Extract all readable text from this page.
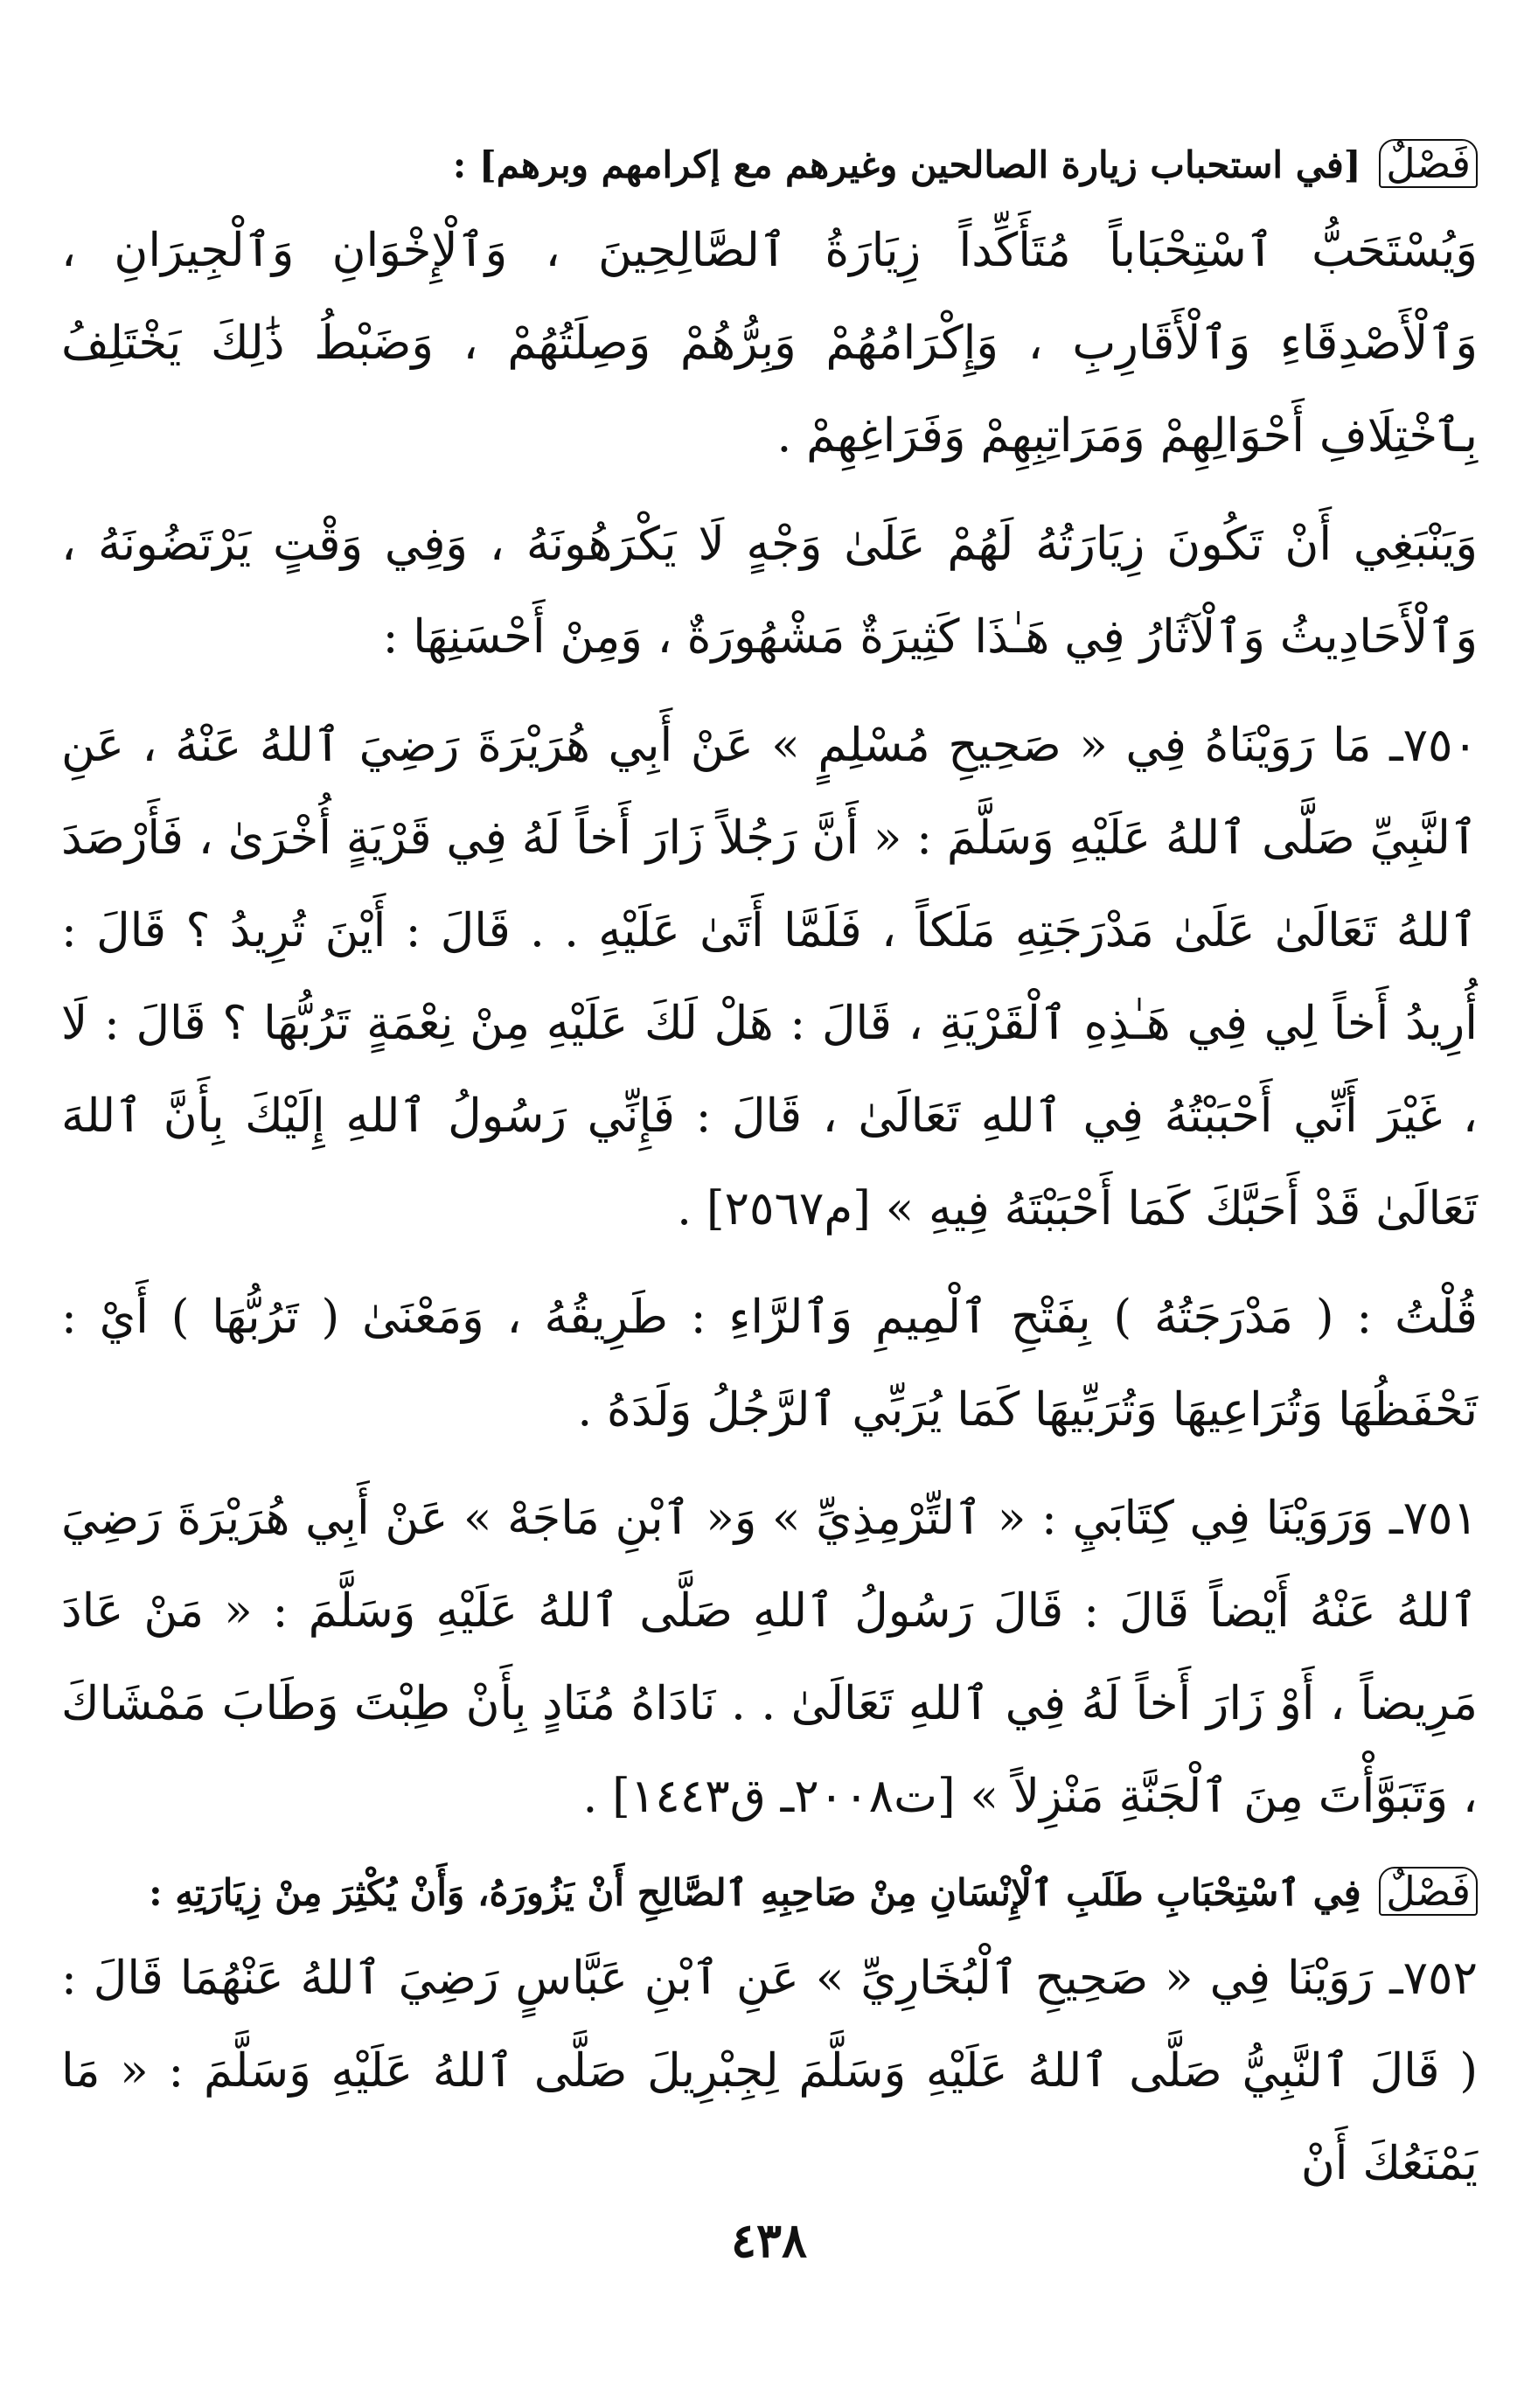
فَصْلٌ [في استحباب زيارة الصالحين وغيرهم مع إكرامهم وبرهم] :

وَيُسْتَحَبُّ ٱسْتِحْبَاباً مُتَأَكِّداً زِيَارَةُ ٱلصَّالِحِينَ ، وَٱلْإِخْوَانِ وَٱلْجِيرَانِ ، وَٱلْأَصْدِقَاءِ وَٱلْأَقَارِبِ ، وَإِكْرَامُهُمْ وَبِرُّهُمْ وَصِلَتُهُمْ ، وَضَبْطُ ذَٰلِكَ يَخْتَلِفُ بِٱخْتِلَافِ أَحْوَالِهِمْ وَمَرَاتِبِهِمْ وَفَرَاغِهِمْ .

وَيَنْبَغِي أَنْ تَكُونَ زِيَارَتُهُ لَهُمْ عَلَىٰ وَجْهٍ لَا يَكْرَهُونَهُ ، وَفِي وَقْتٍ يَرْتَضُونَهُ ، وَٱلْأَحَادِيثُ وَٱلْآثَارُ فِي هَـٰذَا كَثِيرَةٌ مَشْهُورَةٌ ، وَمِنْ أَحْسَنِهَا :

٧٥٠ـ مَا رَوَيْنَاهُ فِي « صَحِيحِ مُسْلِمٍ » عَنْ أَبِي هُرَيْرَةَ رَضِيَ ٱللهُ عَنْهُ ، عَنِ ٱلنَّبِيِّ صَلَّى ٱللهُ عَلَيْهِ وَسَلَّمَ : « أَنَّ رَجُلاً زَارَ أَخاً لَهُ فِي قَرْيَةٍ أُخْرَىٰ ، فَأَرْصَدَ ٱللهُ تَعَالَىٰ عَلَىٰ مَدْرَجَتِهِ مَلَكاً ، فَلَمَّا أَتَىٰ عَلَيْهِ . . قَالَ : أَيْنَ تُرِيدُ ؟ قَالَ : أُرِيدُ أَخاً لِي فِي هَـٰذِهِ ٱلْقَرْيَةِ ، قَالَ : هَلْ لَكَ عَلَيْهِ مِنْ نِعْمَةٍ تَرُبُّهَا ؟ قَالَ : لَا ، غَيْرَ أَنِّي أَحْبَبْتُهُ فِي ٱللهِ تَعَالَىٰ ، قَالَ : فَإِنِّي رَسُولُ ٱللهِ إِلَيْكَ بِأَنَّ ٱللهَ تَعَالَىٰ قَدْ أَحَبَّكَ كَمَا أَحْبَبْتَهُ فِيهِ » [م٢٥٦٧] .

قُلْتُ : ( مَدْرَجَتُهُ ) بِفَتْحِ ٱلْمِيمِ وَٱلرَّاءِ : طَرِيقُهُ ، وَمَعْنَىٰ ( تَرُبُّهَا ) أَيْ : تَحْفَظُهَا وَتُرَاعِيهَا وَتُرَبِّيهَا كَمَا يُرَبِّي ٱلرَّجُلُ وَلَدَهُ .

٧٥١ـ وَرَوَيْنَا فِي كِتَابَيِ : « ٱلتِّرْمِذِيِّ » وَ« ٱبْنِ مَاجَهْ » عَنْ أَبِي هُرَيْرَةَ رَضِيَ ٱللهُ عَنْهُ أَيْضاً قَالَ : قَالَ رَسُولُ ٱللهِ صَلَّى ٱللهُ عَلَيْهِ وَسَلَّمَ : « مَنْ عَادَ مَرِيضاً ، أَوْ زَارَ أَخاً لَهُ فِي ٱللهِ تَعَالَىٰ . . نَادَاهُ مُنَادٍ بِأَنْ طِبْتَ وَطَابَ مَمْشَاكَ ، وَتَبَوَّأْتَ مِنَ ٱلْجَنَّةِ مَنْزِلاً » [ت٢٠٠٨ـ ق١٤٤٣] .

فَصْلٌ فِي ٱسْتِحْبَابِ طَلَبِ ٱلْإِنْسَانِ مِنْ صَاحِبِهِ ٱلصَّالِحِ أَنْ يَزُورَهُ، وَأَنْ يُكْثِرَ مِنْ زِيَارَتِهِ :

٧٥٢ـ رَوَيْنَا فِي « صَحِيحِ ٱلْبُخَارِيِّ » عَنِ ٱبْنِ عَبَّاسٍ رَضِيَ ٱللهُ عَنْهُمَا قَالَ : ( قَالَ ٱلنَّبِيُّ صَلَّى ٱللهُ عَلَيْهِ وَسَلَّمَ لِجِبْرِيلَ صَلَّى ٱللهُ عَلَيْهِ وَسَلَّمَ : « مَا يَمْنَعُكَ أَنْ

٤٣٨
